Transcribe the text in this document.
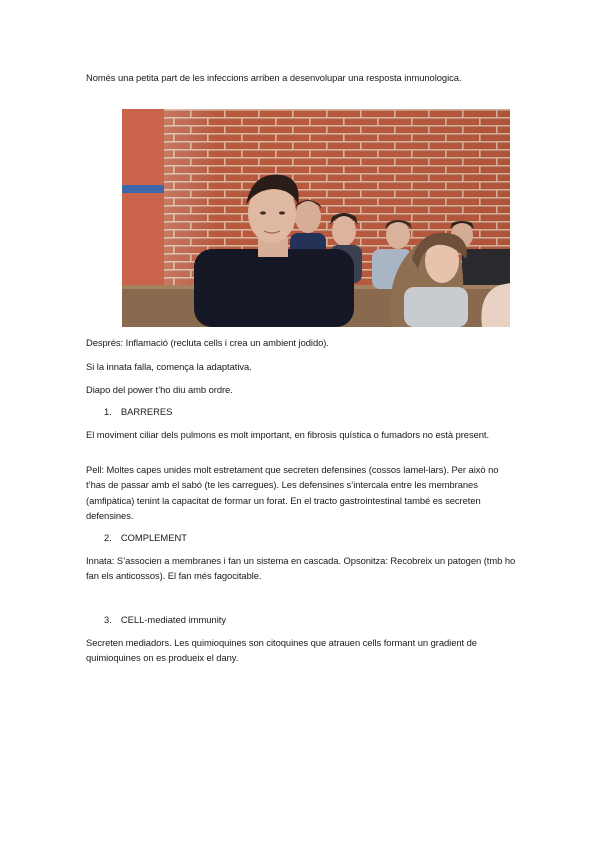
Només una petita part de les infeccions arriben a desenvolupar una resposta inmunologica.

Després: Inflamació (recluta cells i crea un ambient jodido).

Si la innata falla, comença la adaptativa.

Diapo del power t’ho diu amb ordre.

1. BARRERES

El moviment ciliar dels pulmons es molt important, en fibrosis quística o fumadors no està present.

Pell: Moltes capes unides molt estretament que secreten defensines (cossos lamel-lars). Per això no t’has de passar amb el sabó (te les carregues). Les defensines s’intercala entre les membranes (amfipàtica) tenint la capacitat de formar un forat. En el tracto gastrointestinal també es secreten defensines.

2. COMPLEMENT

Innata: S’associen a membranes i fan un sistema en cascada. Opsonitza: Recobreix un patogen (tmb ho fan els anticossos). El fan més fagocitable.

3. CELL-mediated immunity

Secreten mediadors. Les quimioquines son citoquines que atrauen cells formant un gradient de quimioquines on es produeix el dany.
